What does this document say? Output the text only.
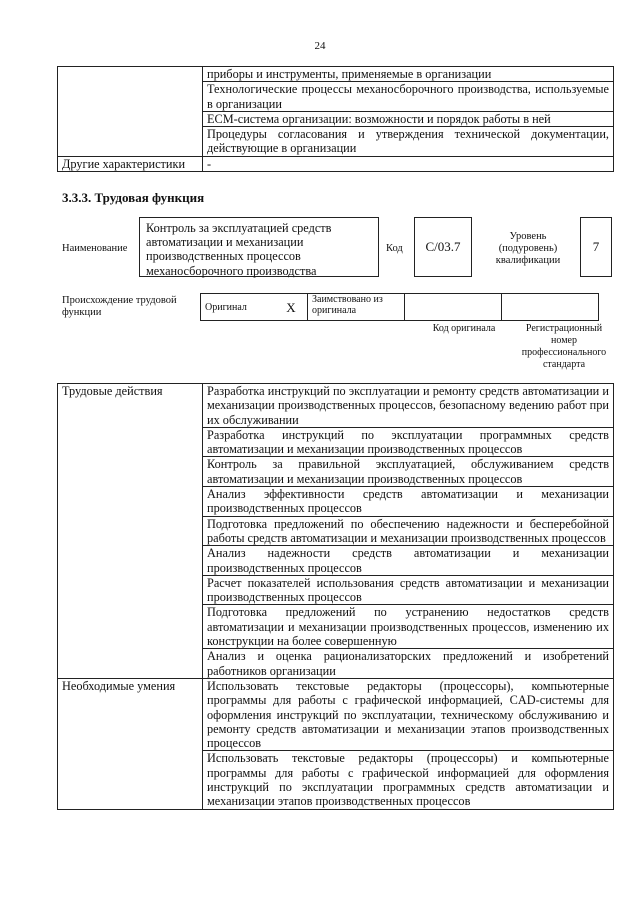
24
	приборы и инструменты, применяемые в организации
	Технологические процессы механосборочного производства, используемые в организации
	ЕСМ-система организации: возможности и порядок работы в ней
	Процедуры согласования и утверждения технической документации, действующие в организации
Другие характеристики	-
3.3.3. Трудовая функция
Наименование
Контроль за эксплуатацией средств автоматизации и механизации производственных процессов механосборочного производства
Код	С/03.7
Уровень (подуровень) квалификации
7
Происхождение трудовой функции	Оригинал	X	Заимствовано из оригинала		
Код оригинала	Регистрационный номер профессионального стандарта
Трудовые действия	Разработка инструкций по эксплуатации и ремонту средств автоматизации и механизации производственных процессов, безопасному ведению работ при их обслуживании
	Разработка инструкций по эксплуатации программных средств автоматизации и механизации производственных процессов
	Контроль за правильной эксплуатацией, обслуживанием средств автоматизации и механизации производственных процессов
	Анализ эффективности средств автоматизации и механизации производственных процессов
	Подготовка предложений по обеспечению надежности и бесперебойной работы средств автоматизации и механизации производственных процессов
	Анализ надежности средств автоматизации и механизации производственных процессов
	Расчет показателей использования средств автоматизации и механизации производственных процессов
	Подготовка предложений по устранению недостатков средств автоматизации и механизации производственных процессов, изменению их конструкции на более совершенную
	Анализ и оценка рационализаторских предложений и изобретений работников организации
Необходимые умения	Использовать текстовые редакторы (процессоры), компьютерные программы для работы с графической информацией, CAD-системы для оформления инструкций по эксплуатации, техническому обслуживанию и ремонту средств автоматизации и механизации этапов производственных процессов
	Использовать текстовые редакторы (процессоры) и компьютерные программы для работы с графической информацией для оформления инструкций по эксплуатации программных средств автоматизации и механизации этапов производственных процессов
